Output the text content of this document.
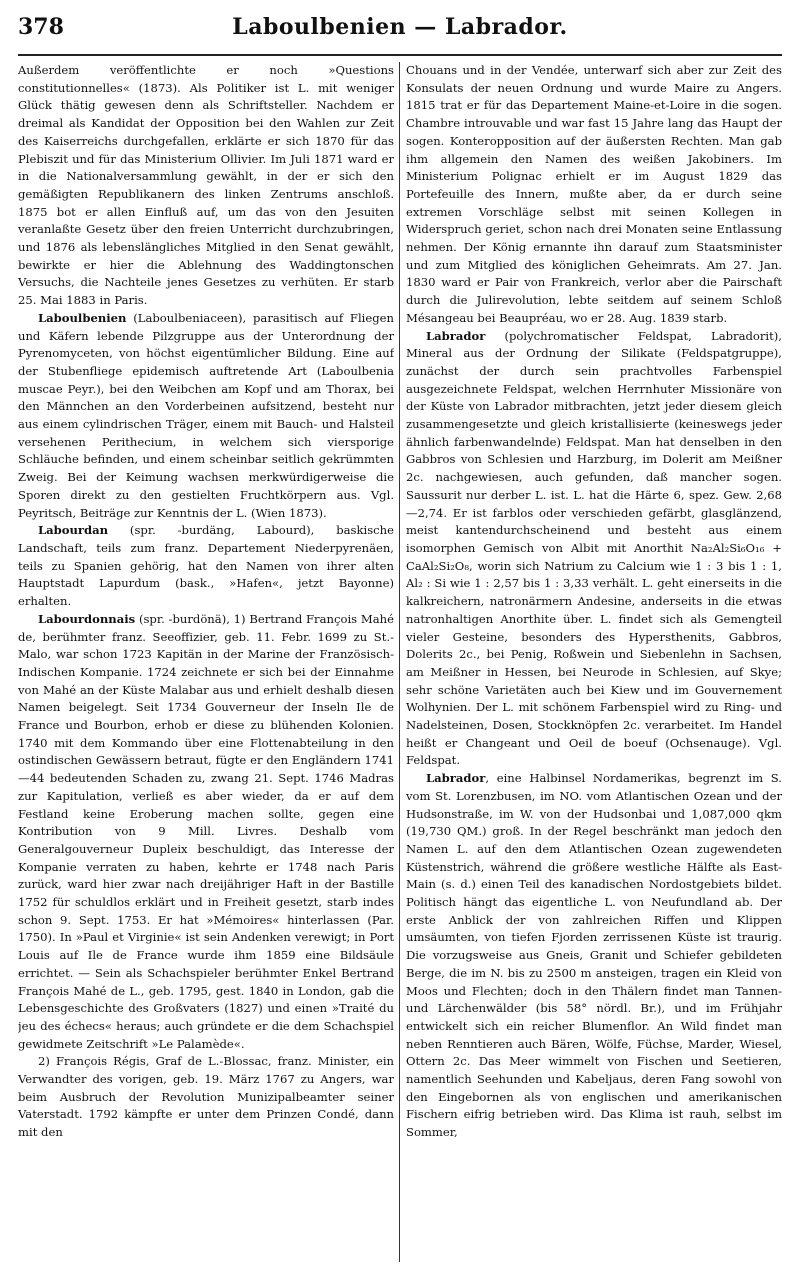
378	Laboulbenien — Labrador.

Außerdem veröffentlichte er noch »Questions constitutionnelles« (1873). Als Politiker ist L. mit weniger Glück thätig gewesen denn als Schriftsteller. Nachdem er dreimal als Kandidat der Opposition bei den Wahlen zur Zeit des Kaiserreichs durchgefallen, erklärte er sich 1870 für das Plebiszit und für das Ministerium Ollivier. Im Juli 1871 ward er in die Nationalversammlung gewählt, in der er sich den gemäßigten Republikanern des linken Zentrums anschloß. 1875 bot er allen Einfluß auf, um das von den Jesuiten veranlaßte Gesetz über den freien Unterricht durchzubringen, und 1876 als lebenslängliches Mitglied in den Senat gewählt, bewirkte er hier die Ablehnung des Waddingtonschen Versuchs, die Nachteile jenes Gesetzes zu verhüten. Er starb 25. Mai 1883 in Paris.

Laboulbenien (Laboulbeniaceen), parasitisch auf Fliegen und Käfern lebende Pilzgruppe aus der Unterordnung der Pyrenomyceten, von höchst eigentümlicher Bildung. Eine auf der Stubenfliege epidemisch auftretende Art (Laboulbenia muscae Peyr.), bei den Weibchen am Kopf und am Thorax, bei den Männchen an den Vorderbeinen aufsitzend, besteht nur aus einem cylindrischen Träger, einem mit Bauch- und Halsteil versehenen Perithecium, in welchem sich viersporige Schläuche befinden, und einem scheinbar seitlich gekrümmten Zweig. Bei der Keimung wachsen merkwürdigerweise die Sporen direkt zu den gestielten Fruchtkörpern aus. Vgl. Peyritsch, Beiträge zur Kenntnis der L. (Wien 1873).

Labourdan (spr. -burdäng, Labourd), baskische Landschaft, teils zum franz. Departement Niederpyrenäen, teils zu Spanien gehörig, hat den Namen von ihrer alten Hauptstadt Lapurdum (bask., »Hafen«, jetzt Bayonne) erhalten.

Labourdonnais (spr. -burdönä), 1) Bertrand François Mahé de, berühmter franz. Seeoffizier, geb. 11. Febr. 1699 zu St.-Malo, war schon 1723 Kapitän in der Marine der Französisch-Indischen Kompanie. 1724 zeichnete er sich bei der Einnahme von Mahé an der Küste Malabar aus und erhielt deshalb diesen Namen beigelegt. Seit 1734 Gouverneur der Inseln Ile de France und Bourbon, erhob er diese zu blühenden Kolonien. 1740 mit dem Kommando über eine Flottenabteilung in den ostindischen Gewässern betraut, fügte er den Engländern 1741—44 bedeutenden Schaden zu, zwang 21. Sept. 1746 Madras zur Kapitulation, verließ es aber wieder, da er auf dem Festland keine Eroberung machen sollte, gegen eine Kontribution von 9 Mill. Livres. Deshalb vom Generalgouverneur Dupleix beschuldigt, das Interesse der Kompanie verraten zu haben, kehrte er 1748 nach Paris zurück, ward hier zwar nach dreijähriger Haft in der Bastille 1752 für schuldlos erklärt und in Freiheit gesetzt, starb indes schon 9. Sept. 1753. Er hat »Mémoires« hinterlassen (Par. 1750). In »Paul et Virginie« ist sein Andenken verewigt; in Port Louis auf Ile de France wurde ihm 1859 eine Bildsäule errichtet. — Sein als Schachspieler berühmter Enkel Bertrand François Mahé de L., geb. 1795, gest. 1840 in London, gab die Lebensgeschichte des Großvaters (1827) und einen »Traité du jeu des échecs« heraus; auch gründete er die dem Schachspiel gewidmete Zeitschrift »Le Palamède«.

2) François Régis, Graf de L.-Blossac, franz. Minister, ein Verwandter des vorigen, geb. 19. März 1767 zu Angers, war beim Ausbruch der Revolution Munizipalbeamter seiner Vaterstadt. 1792 kämpfte er unter dem Prinzen Condé, dann mit den

Chouans und in der Vendée, unterwarf sich aber zur Zeit des Konsulats der neuen Ordnung und wurde Maire zu Angers. 1815 trat er für das Departement Maine-et-Loire in die sogen. Chambre introuvable und war fast 15 Jahre lang das Haupt der sogen. Konteropposition auf der äußersten Rechten. Man gab ihm allgemein den Namen des weißen Jakobiners. Im Ministerium Polignac erhielt er im August 1829 das Portefeuille des Innern, mußte aber, da er durch seine extremen Vorschläge selbst mit seinen Kollegen in Widerspruch geriet, schon nach drei Monaten seine Entlassung nehmen. Der König ernannte ihn darauf zum Staatsminister und zum Mitglied des königlichen Geheimrats. Am 27. Jan. 1830 ward er Pair von Frankreich, verlor aber die Pairschaft durch die Julirevolution, lebte seitdem auf seinem Schloß Mésangeau bei Beaupréau, wo er 28. Aug. 1839 starb.

Labrador (polychromatischer Feldspat, Labradorit), Mineral aus der Ordnung der Silikate (Feldspatgruppe), zunächst der durch sein prachtvolles Farbenspiel ausgezeichnete Feldspat, welchen Herrnhuter Missionäre von der Küste von Labrador mitbrachten, jetzt jeder diesem gleich zusammengesetzte und gleich kristallisierte (keineswegs jeder ähnlich farbenwandelnde) Feldspat. Man hat denselben in den Gabbros von Schlesien und Harzburg, im Dolerit am Meißner 2c. nachgewiesen, auch gefunden, daß mancher sogen. Saussurit nur derber L. ist. L. hat die Härte 6, spez. Gew. 2,68—2,74. Er ist farblos oder verschieden gefärbt, glasglänzend, meist kantendurchscheinend und besteht aus einem isomorphen Gemisch von Albit mit Anorthit Na₂Al₂Si₆O₁₆ + CaAl₂Si₂O₈, worin sich Natrium zu Calcium wie 1 : 3 bis 1 : 1, Al₂ : Si wie 1 : 2,57 bis 1 : 3,33 verhält. L. geht einerseits in die kalkreichern, natronärmern Andesine, anderseits in die etwas natronhaltigen Anorthite über. L. findet sich als Gemengteil vieler Gesteine, besonders des Hypersthenits, Gabbros, Dolerits 2c., bei Penig, Roßwein und Siebenlehn in Sachsen, am Meißner in Hessen, bei Neurode in Schlesien, auf Skye; sehr schöne Varietäten auch bei Kiew und im Gouvernement Wolhynien. Der L. mit schönem Farbenspiel wird zu Ring- und Nadelsteinen, Dosen, Stockknöpfen 2c. verarbeitet. Im Handel heißt er Changeant und Oeil de boeuf (Ochsenauge). Vgl. Feldspat.

Labrador, eine Halbinsel Nordamerikas, begrenzt im S. vom St. Lorenzbusen, im NO. vom Atlantischen Ozean und der Hudsonstraße, im W. von der Hudsonbai und 1,087,000 qkm (19,730 QM.) groß. In der Regel beschränkt man jedoch den Namen L. auf den dem Atlantischen Ozean zugewendeten Küstenstrich, während die größere westliche Hälfte als East-Main (s. d.) einen Teil des kanadischen Nordostgebiets bildet. Politisch hängt das eigentliche L. von Neufundland ab. Der erste Anblick der von zahlreichen Riffen und Klippen umsäumten, von tiefen Fjorden zerrissenen Küste ist traurig. Die vorzugsweise aus Gneis, Granit und Schiefer gebildeten Berge, die im N. bis zu 2500 m ansteigen, tragen ein Kleid von Moos und Flechten; doch in den Thälern findet man Tannen- und Lärchenwälder (bis 58° nördl. Br.), und im Frühjahr entwickelt sich ein reicher Blumenflor. An Wild findet man neben Renntieren auch Bären, Wölfe, Füchse, Marder, Wiesel, Ottern 2c. Das Meer wimmelt von Fischen und Seetieren, namentlich Seehunden und Kabeljaus, deren Fang sowohl von den Eingebornen als von englischen und amerikanischen Fischern eifrig betrieben wird. Das Klima ist rauh, selbst im Sommer,
